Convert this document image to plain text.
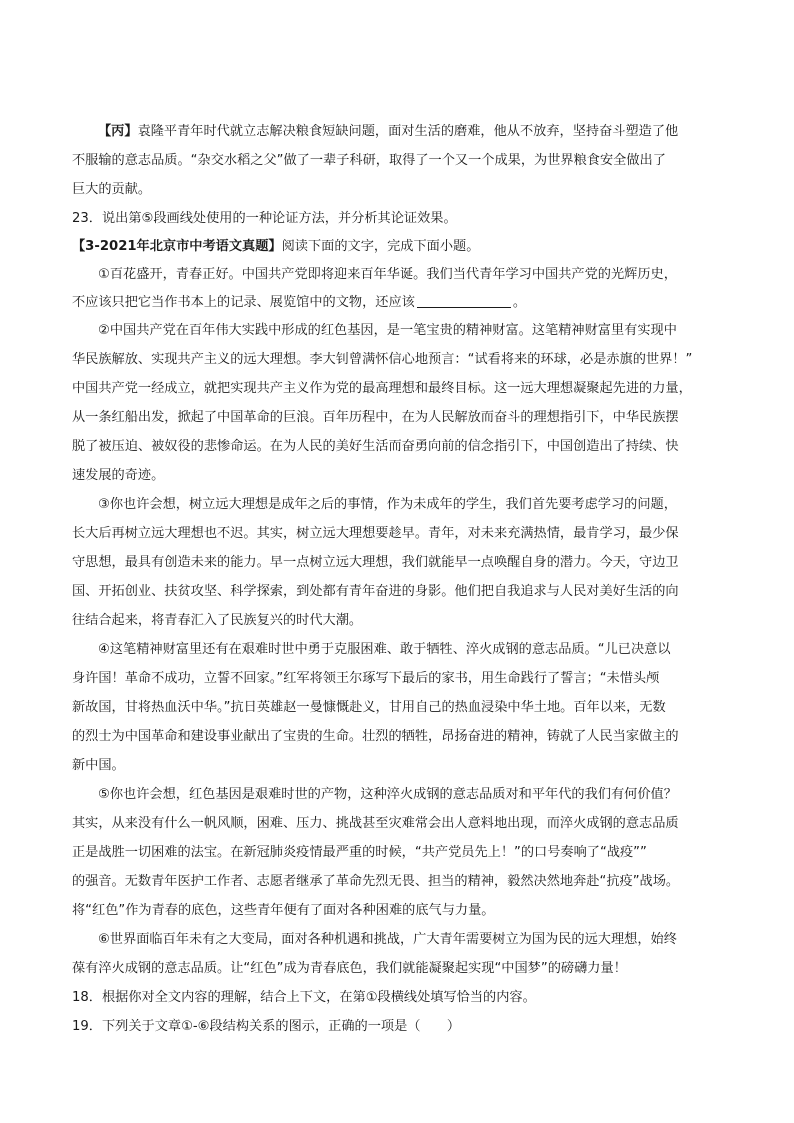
【丙】袁隆平青年时代就立志解决粮食短缺问题，面对生活的磨难，他从不放弃，坚持奋斗塑造了他
不服输的意志品质。“杂交水稻之父”做了一辈子科研，取得了一个又一个成果，为世界粮食安全做出了
巨大的贡献。
23．说出第⑤段画线处使用的一种论证方法，并分析其论证效果。
【3-2021年北京市中考语文真题】阅读下面的文字，完成下面小题。
①百花盛开，青春正好。中国共产党即将迎来百年华诞。我们当代青年学习中国共产党的光辉历史，
不应该只把它当作书本上的记录、展览馆中的文物，还应该	。
②中国共产党在百年伟大实践中形成的红色基因，是一笔宝贵的精神财富。这笔精神财富里有实现中
华民族解放、实现共产主义的远大理想。李大钊曾满怀信心地预言：“试看将来的环球，必是赤旗的世界！”
中国共产党一经成立，就把实现共产主义作为党的最高理想和最终目标。这一远大理想凝聚起先进的力量，
从一条红船出发，掀起了中国革命的巨浪。百年历程中，在为人民解放而奋斗的理想指引下，中华民族摆
脱了被压迫、被奴役的悲惨命运。在为人民的美好生活而奋勇向前的信念指引下，中国创造出了持续、快
速发展的奇迹。
③你也许会想，树立远大理想是成年之后的事情，作为未成年的学生，我们首先要考虑学习的问题，
长大后再树立远大理想也不迟。其实，树立远大理想要趁早。青年，对未来充满热情，最肯学习，最少保
守思想，最具有创造未来的能力。早一点树立远大理想，我们就能早一点唤醒自身的潜力。今天，守边卫
国、开拓创业、扶贫攻坚、科学探索，到处都有青年奋进的身影。他们把自我追求与人民对美好生活的向
往结合起来，将青春汇入了民族复兴的时代大潮。
④这笔精神财富里还有在艰难时世中勇于克服困难、敢于牺牲、淬火成钢的意志品质。“儿已决意以
身许国！革命不成功，立誓不回家。”红军将领王尔琢写下最后的家书，用生命践行了誓言；“未惜头颅
新故国，甘将热血沃中华。”抗日英雄赵一曼慷慨赴义，甘用自己的热血浸染中华土地。百年以来，无数
的烈士为中国革命和建设事业献出了宝贵的生命。壮烈的牺牲，昂扬奋进的精神，铸就了人民当家做主的
新中国。
⑤你也许会想，红色基因是艰难时世的产物，这种淬火成钢的意志品质对和平年代的我们有何价值？
其实，从来没有什么一帆风顺，困难、压力、挑战甚至灾难常会出人意料地出现，而淬火成钢的意志品质
正是战胜一切困难的法宝。在新冠肺炎疫情最严重的时候，“共产党员先上！”的口号奏响了“战疫””
的强音。无数青年医护工作者、志愿者继承了革命先烈无畏、担当的精神，毅然决然地奔赴“抗疫”战场。
将“红色”作为青春的底色，这些青年便有了面对各种困难的底气与力量。
⑥世界面临百年未有之大变局，面对各种机遇和挑战，广大青年需要树立为国为民的远大理想，始终
葆有淬火成钢的意志品质。让“红色”成为青春底色，我们就能凝聚起实现“中国梦”的磅礴力量！
18．根据你对全文内容的理解，结合上下文，在第①段横线处填写恰当的内容。
19．下列关于文章①-⑥段结构关系的图示，正确的一项是（　　）
